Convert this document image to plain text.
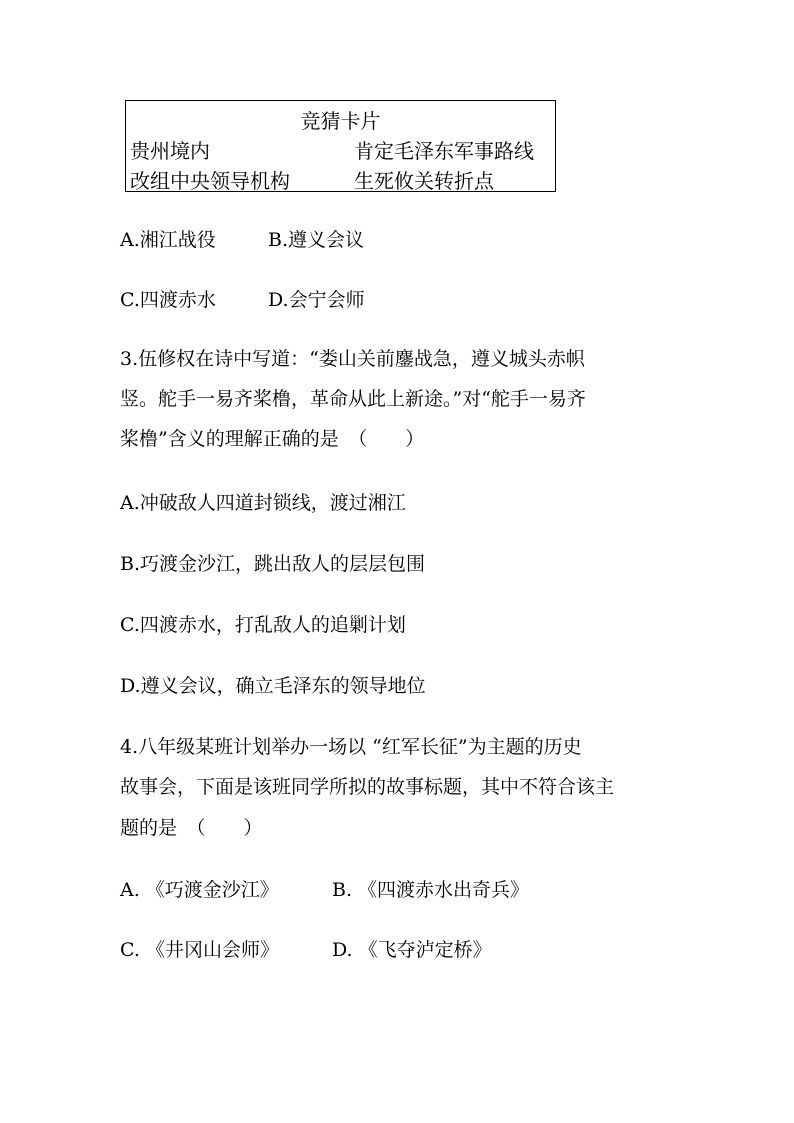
竞猜卡片
贵州境内	肯定毛泽东军事路线
改组中央领导机构	生死攸关转折点
A.湘江战役	B.遵义会议
C.四渡赤水	D.会宁会师
3.伍修权在诗中写道：“娄山关前鏖战急，遵义城头赤帜
竖。舵手一易齐桨橹，革命从此上新途。”对“舵手一易齐
桨橹”含义的理解正确的是　（　　）
A.冲破敌人四道封锁线，渡过湘江
B.巧渡金沙江，跳出敌人的层层包围
C.四渡赤水，打乱敌人的追剿计划
D.遵义会议，确立毛泽东的领导地位
4.八年级某班计划举办一场以 “红军长征”为主题的历史
故事会，下面是该班同学所拟的故事标题，其中不符合该主
题的是　（　　）
A. 《巧渡金沙江》	B. 《四渡赤水出奇兵》
C. 《井冈山会师》	D. 《飞夺泸定桥》
